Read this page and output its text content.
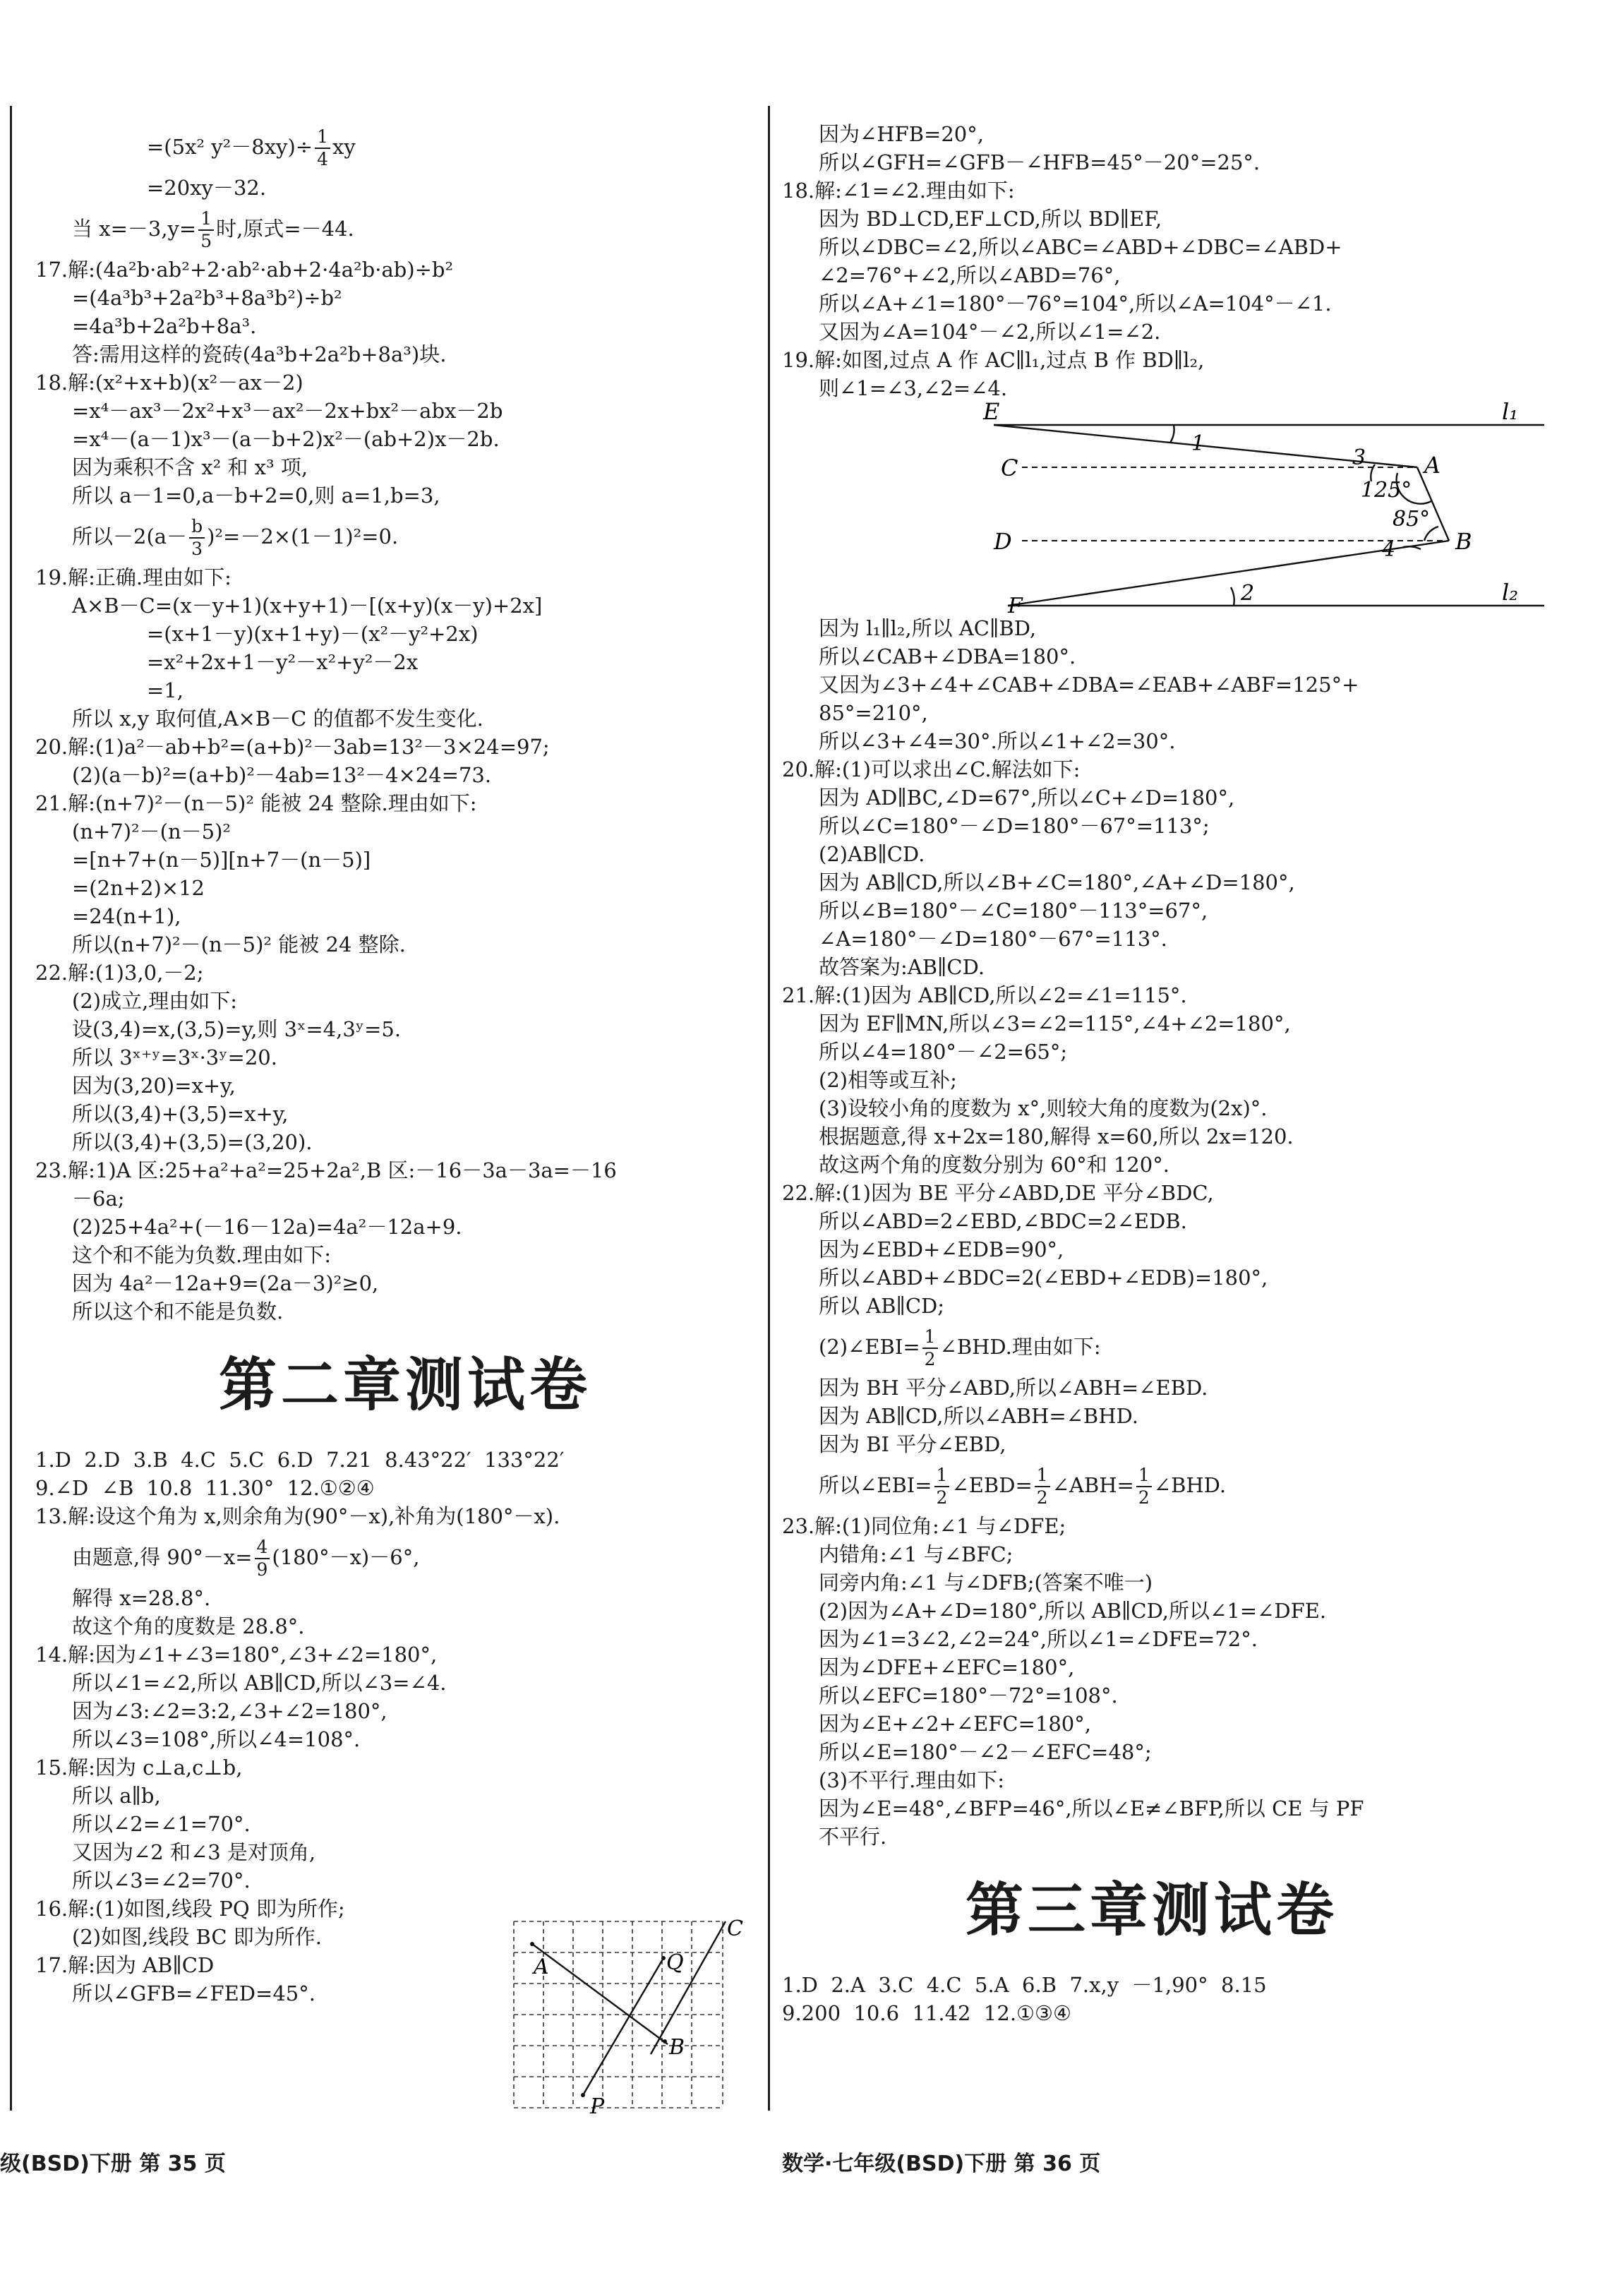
=(5x² $y^2-8xy)\div \frac{1}{4}$ xy
=20xy－32.
当 $x=-3,y= \frac{1}{5}$ 时,原式=－44.
17.解:(4a²b·ab²+2·ab²·ab+2·4a²b·ab)÷b²
=(4a³b³+2a²b³+8a³b²)÷b²
=4a³b+2a²b+8a³.
答:需用这样的瓷砖(4a³b+2a²b+8a³)块.
18.解:(x²+x+b)(x²－ax－2)
=x⁴－ax³－2x²+x³－ax²－2x+bx²－abx－2b
=x⁴－(a－1)x³－(a－b+2)x²－(ab+2)x－2b.
因为乘积不含 x² 和 x³ 项,
所以 a－1=0,a－b+2=0,则 a=1,b=3,
所以$-2(a- \frac{b}{3} )^2=-2\times(1-1)^2=0$.
19.解:正确.理由如下:
A×B－C=(x－y+1)(x+y+1)－[(x+y)(x－y)+2x]
=(x+1－y)(x+1+y)－(x²－y²+2x)
=x²+2x+1－y²－x²+y²－2x
=1,
所以 x,y 取何值,A×B－C 的值都不发生变化.
20.解:(1)a²－ab+b²=(a+b)²－3ab=13²－3×24=97;
(2)(a－b)²=(a+b)²－4ab=13²－4×24=73.
21.解:(n+7)²－(n－5)² 能被 24 整除.理由如下:
(n+7)²－(n－5)²
=[n+7+(n－5)][n+7－(n－5)]
=(2n+2)×12
=24(n+1),
所以(n+7)²－(n－5)² 能被 24 整除.
22.解:(1)3,0,－2;
(2)成立,理由如下:
设(3,4)=x,(3,5)=y,则 3ˣ=4,3ʸ=5.
所以 3ˣ⁺ʸ=3ˣ·3ʸ=20.
因为(3,20)=x+y,
所以(3,4)+(3,5)=x+y,
所以(3,4)+(3,5)=(3,20).
23.解:1)A 区:25+a²+a²=25+2a²,B 区:－16－3a－3a=－16
－6a;
(2)25+4a²+(－16－12a)=4a²－12a+9.
这个和不能为负数.理由如下:
因为 4a²－12a+9=(2a－3)²≥0,
所以这个和不能是负数.
第二章测试卷
1.D  2.D  3.B  4.C  5.C  6.D  7.21  8.43°22′  133°22′
9.∠D  ∠B  10.8  11.30°  12.①②④
13.解:设这个角为 x,则余角为(90°－x),补角为(180°－x).
由题意,得 $90^\circ-x= \frac{4}{9} (180^\circ-x)-6^\circ$,
解得 x=28.8°.
故这个角的度数是 28.8°.
14.解:因为∠1+∠3=180°,∠3+∠2=180°,
所以∠1=∠2,所以 AB∥CD,所以∠3=∠4.
因为∠3:∠2=3:2,∠3+∠2=180°,
所以∠3=108°,所以∠4=108°.
15.解:因为 c⊥a,c⊥b,
所以 a∥b,
所以∠2=∠1=70°.
又因为∠2 和∠3 是对顶角,
所以∠3=∠2=70°.
16.解:(1)如图,线段 PQ 即为所作;
(2)如图,线段 BC 即为所作.
17.解:因为 AB∥CD
所以∠GFB=∠FED=45°.
A	Q
C
B
P
因为∠HFB=20°,
所以∠GFH=∠GFB－∠HFB=45°－20°=25°.
18.解:∠1=∠2.理由如下:
因为 BD⊥CD,EF⊥CD,所以 BD∥EF,
所以∠DBC=∠2,所以∠ABC=∠ABD+∠DBC=∠ABD+
∠2=76°+∠2,所以∠ABD=76°,
所以∠A+∠1=180°－76°=104°,所以∠A=104°－∠1.
又因为∠A=104°－∠2,所以∠1=∠2.
19.解:如图,过点 A 作 AC∥l₁,过点 B 作 BD∥l₂,
则∠1=∠3,∠2=∠4.
E	l₁
1
C	3	A
125°
85°
D	4	B
2	l₂
F
因为 l₁∥l₂,所以 AC∥BD,
所以∠CAB+∠DBA=180°.
又因为∠3+∠4+∠CAB+∠DBA=∠EAB+∠ABF=125°+
85°=210°,
所以∠3+∠4=30°.所以∠1+∠2=30°.
20.解:(1)可以求出∠C.解法如下:
因为 AD∥BC,∠D=67°,所以∠C+∠D=180°,
所以∠C=180°－∠D=180°－67°=113°;
(2)AB∥CD.
因为 AB∥CD,所以∠B+∠C=180°,∠A+∠D=180°,
所以∠B=180°－∠C=180°－113°=67°,
∠A=180°－∠D=180°－67°=113°.
故答案为:AB∥CD.
21.解:(1)因为 AB∥CD,所以∠2=∠1=115°.
因为 EF∥MN,所以∠3=∠2=115°,∠4+∠2=180°,
所以∠4=180°－∠2=65°;
(2)相等或互补;
(3)设较小角的度数为 x°,则较大角的度数为(2x)°.
根据题意,得 x+2x=180,解得 x=60,所以 2x=120.
故这两个角的度数分别为 60°和 120°.
22.解:(1)因为 BE 平分∠ABD,DE 平分∠BDC,
所以∠ABD=2∠EBD,∠BDC=2∠EDB.
因为∠EBD+∠EDB=90°,
所以∠ABD+∠BDC=2(∠EBD+∠EDB)=180°,
所以 AB∥CD;
(2)∠EBI= $\frac{1}{2}$ ∠BHD.理由如下:
因为 BH 平分∠ABD,所以∠ABH=∠EBD.
因为 AB∥CD,所以∠ABH=∠BHD.
因为 BI 平分∠EBD,
所以∠EBI= $\frac{1}{2}$ ∠EBD= $\frac{1}{2}$ ∠ABH= $\frac{1}{2}$ ∠BHD.
23.解:(1)同位角:∠1 与∠DFE;
内错角:∠1 与∠BFC;
同旁内角:∠1 与∠DFB;(答案不唯一)
(2)因为∠A+∠D=180°,所以 AB∥CD,所以∠1=∠DFE.
因为∠1=3∠2,∠2=24°,所以∠1=∠DFE=72°.
因为∠DFE+∠EFC=180°,
所以∠EFC=180°－72°=108°.
因为∠E+∠2+∠EFC=180°,
所以∠E=180°－∠2－∠EFC=48°;
(3)不平行.理由如下:
因为∠E=48°,∠BFP=46°,所以∠E≠∠BFP,所以 CE 与 PF
不平行.
第三章测试卷
1.D  2.A  3.C  4.C  5.A  6.B  7.x,y  －1,90°  8.15
9.200  10.6  11.42  12.①③④
级(BSD)下册 第 35 页	数学·七年级(BSD)下册 第 36 页
